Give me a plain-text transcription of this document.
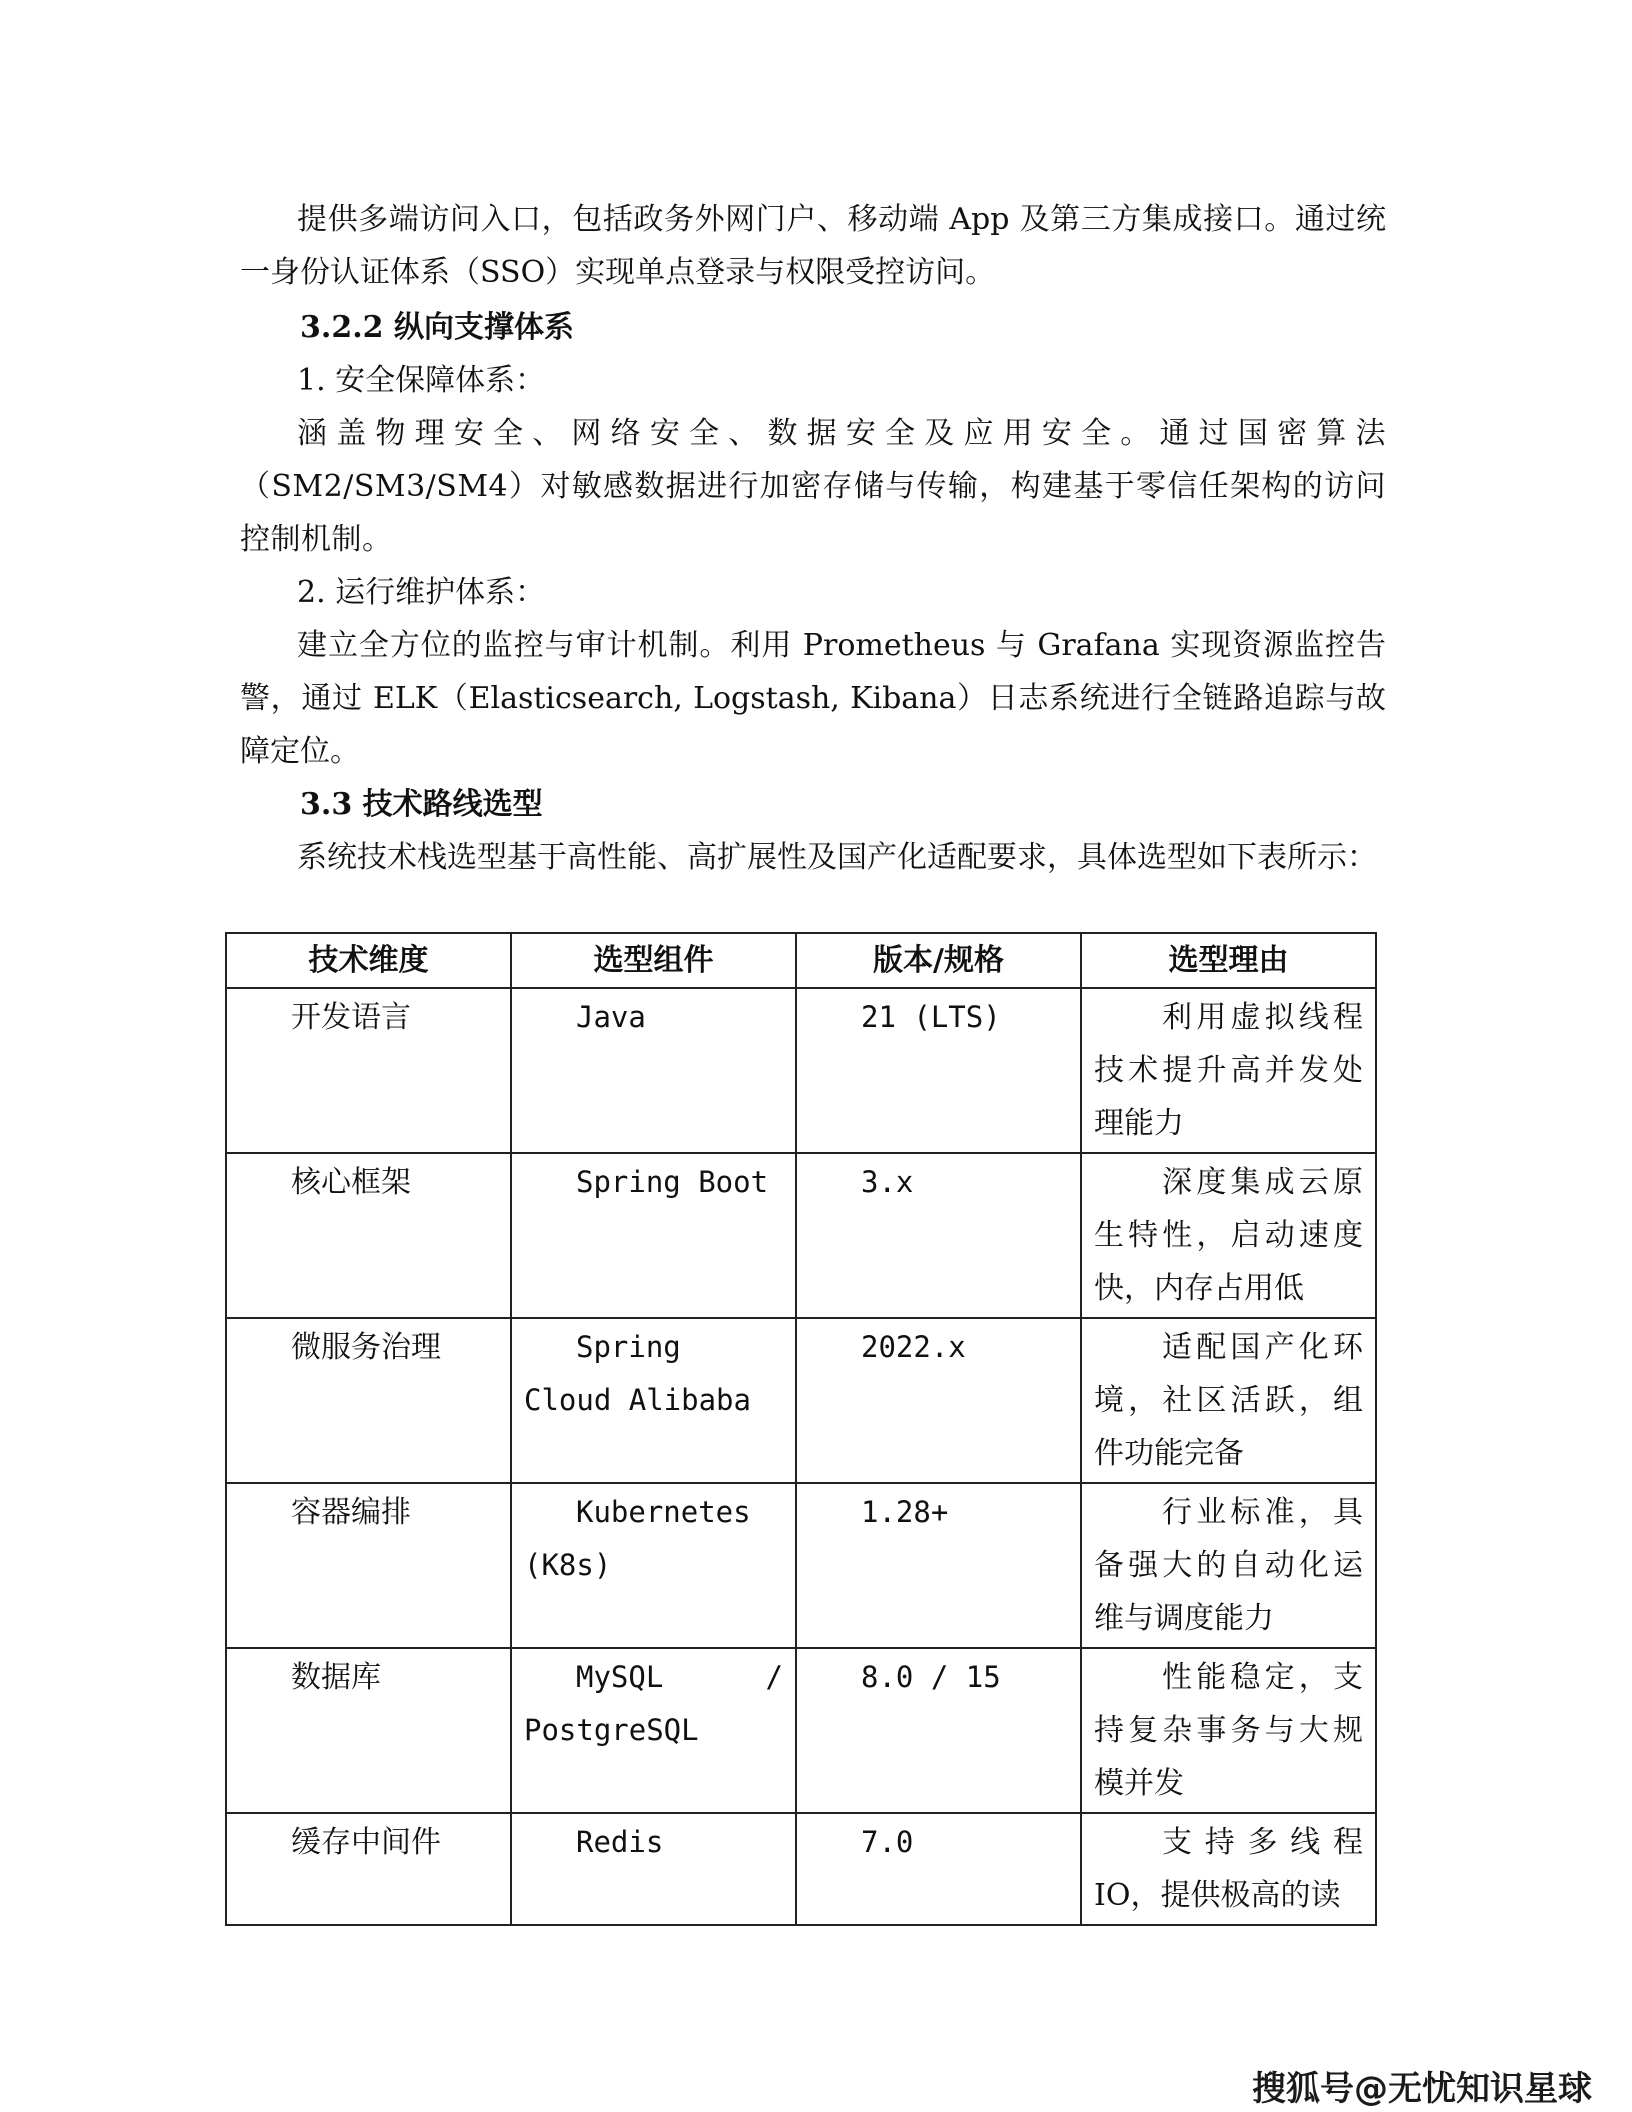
提供多端访问入口，包括政务外网门户、移动端 App 及第三方集成接口。通过统一身份认证体系（SSO）实现单点登录与权限受控访问。

3.2.2 纵向支撑体系
1. 安全保障体系：

涵盖物理安全、网络安全、数据安全及应用安全。通过国密算法（SM2/SM3/SM4）对敏感数据进行加密存储与传输，构建基于零信任架构的访问控制机制。

2. 运行维护体系：

建立全方位的监控与审计机制。利用 Prometheus 与 Grafana 实现资源监控告警，通过 ELK（Elasticsearch, Logstash, Kibana）日志系统进行全链路追踪与故障定位。

3.3 技术路线选型

系统技术栈选型基于高性能、高扩展性及国产化适配要求，具体选型如下表所示：

技术维度	选型组件	版本/规格	选型理由

开发语言	Java	21 (LTS)	利用虚拟线程技术提升高并发处理能力

核心框架	Spring Boot	3.x	深度集成云原生特性，启动速度快，内存占用低

微服务治理	Spring Cloud Alibaba	2022.x	适配国产化环境，社区活跃，组件功能完备

容器编排	Kubernetes (K8s)	1.28+	行业标准，具备强大的自动化运维与调度能力

数据库	MySQL / PostgreSQL	8.0 / 15	性能稳定，支持复杂事务与大规模并发

缓存中间件	Redis	7.0	支持多线程IO，提供极高的读
搜狐号@无忧知识星球
